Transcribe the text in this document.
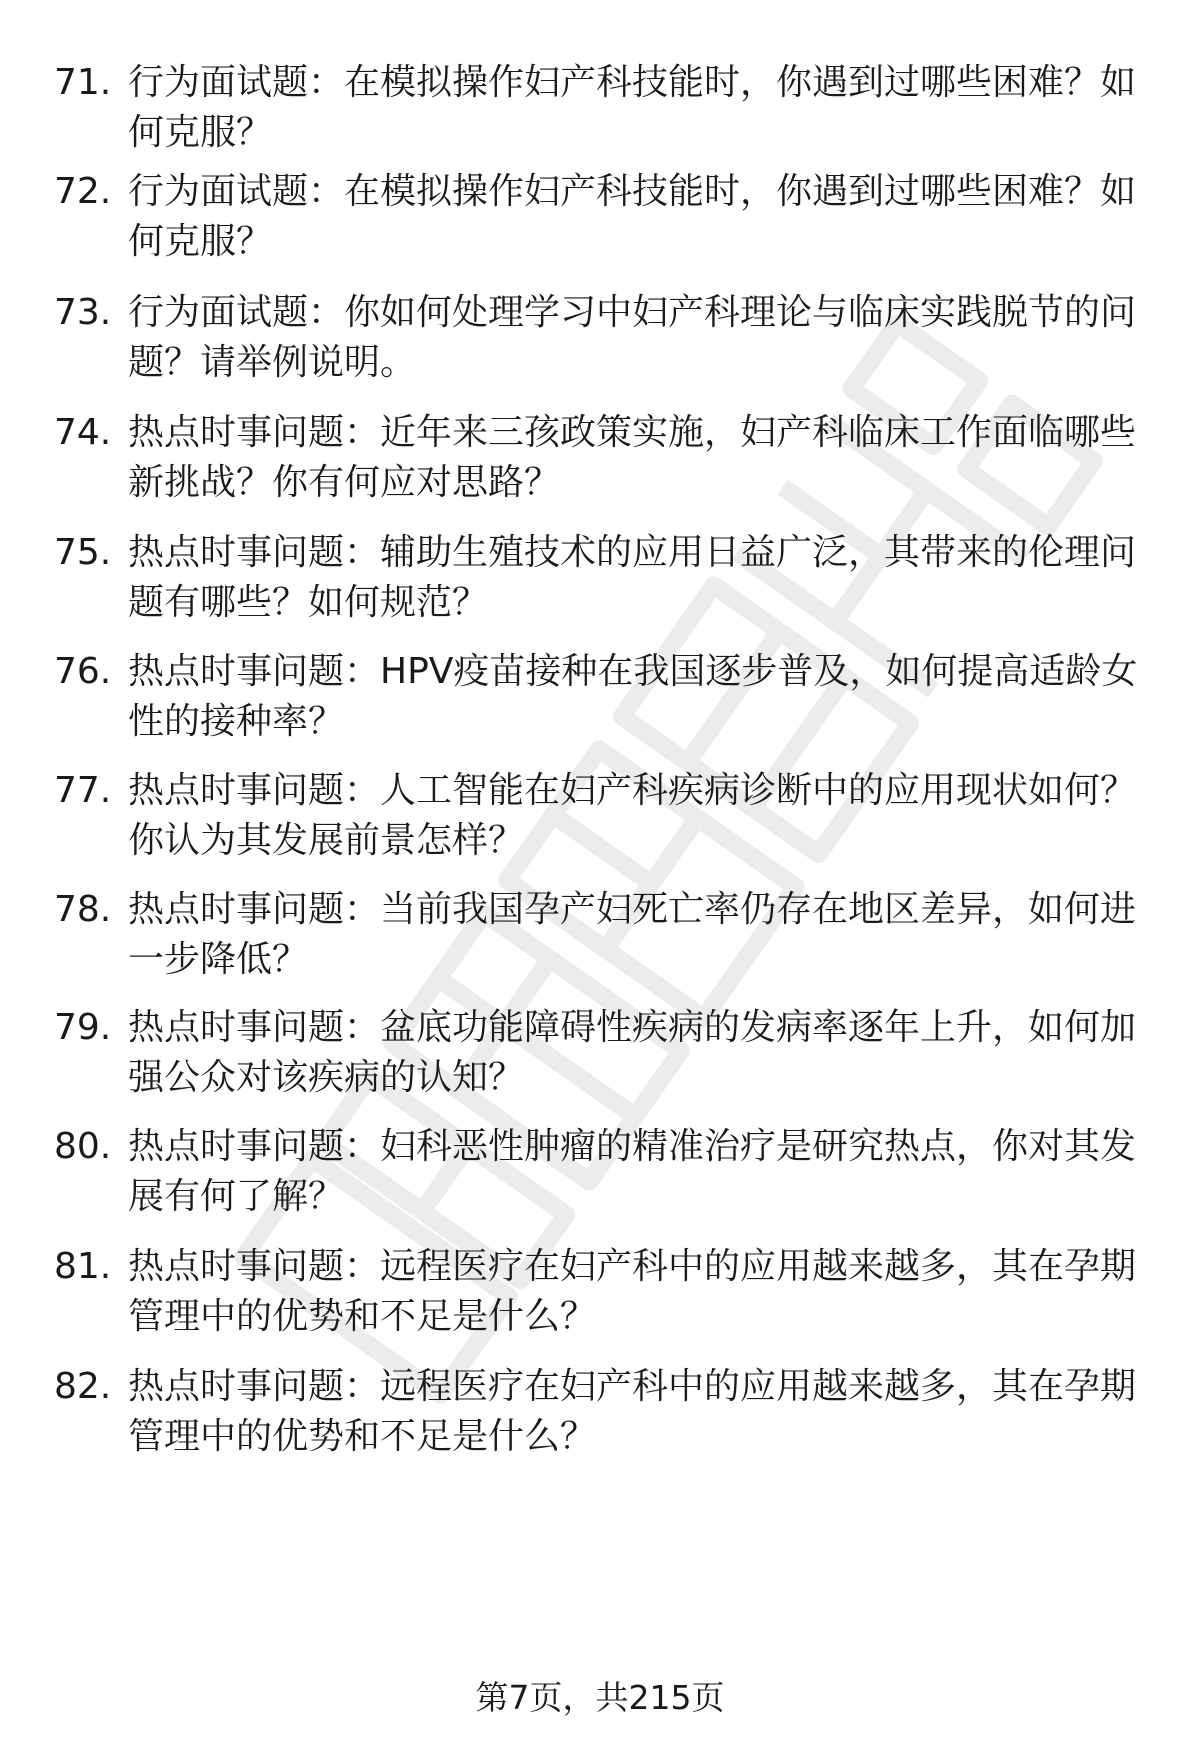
71. 行为面试题：在模拟操作妇产科技能时，你遇到过哪些困难？如何克服？
72. 行为面试题：在模拟操作妇产科技能时，你遇到过哪些困难？如何克服？
73. 行为面试题：你如何处理学习中妇产科理论与临床实践脱节的问题？请举例说明。
74. 热点时事问题：近年来三孩政策实施，妇产科临床工作面临哪些新挑战？你有何应对思路？
75. 热点时事问题：辅助生殖技术的应用日益广泛，其带来的伦理问题有哪些？如何规范？
76. 热点时事问题：HPV疫苗接种在我国逐步普及，如何提高适龄女性的接种率？
77. 热点时事问题：人工智能在妇产科疾病诊断中的应用现状如何？你认为其发展前景怎样？
78. 热点时事问题：当前我国孕产妇死亡率仍存在地区差异，如何进一步降低？
79. 热点时事问题：盆底功能障碍性疾病的发病率逐年上升，如何加强公众对该疾病的认知？
80. 热点时事问题：妇科恶性肿瘤的精准治疗是研究热点，你对其发展有何了解？
81. 热点时事问题：远程医疗在妇产科中的应用越来越多，其在孕期管理中的优势和不足是什么？
82. 热点时事问题：远程医疗在妇产科中的应用越来越多，其在孕期管理中的优势和不足是什么？
第7页，共215页
